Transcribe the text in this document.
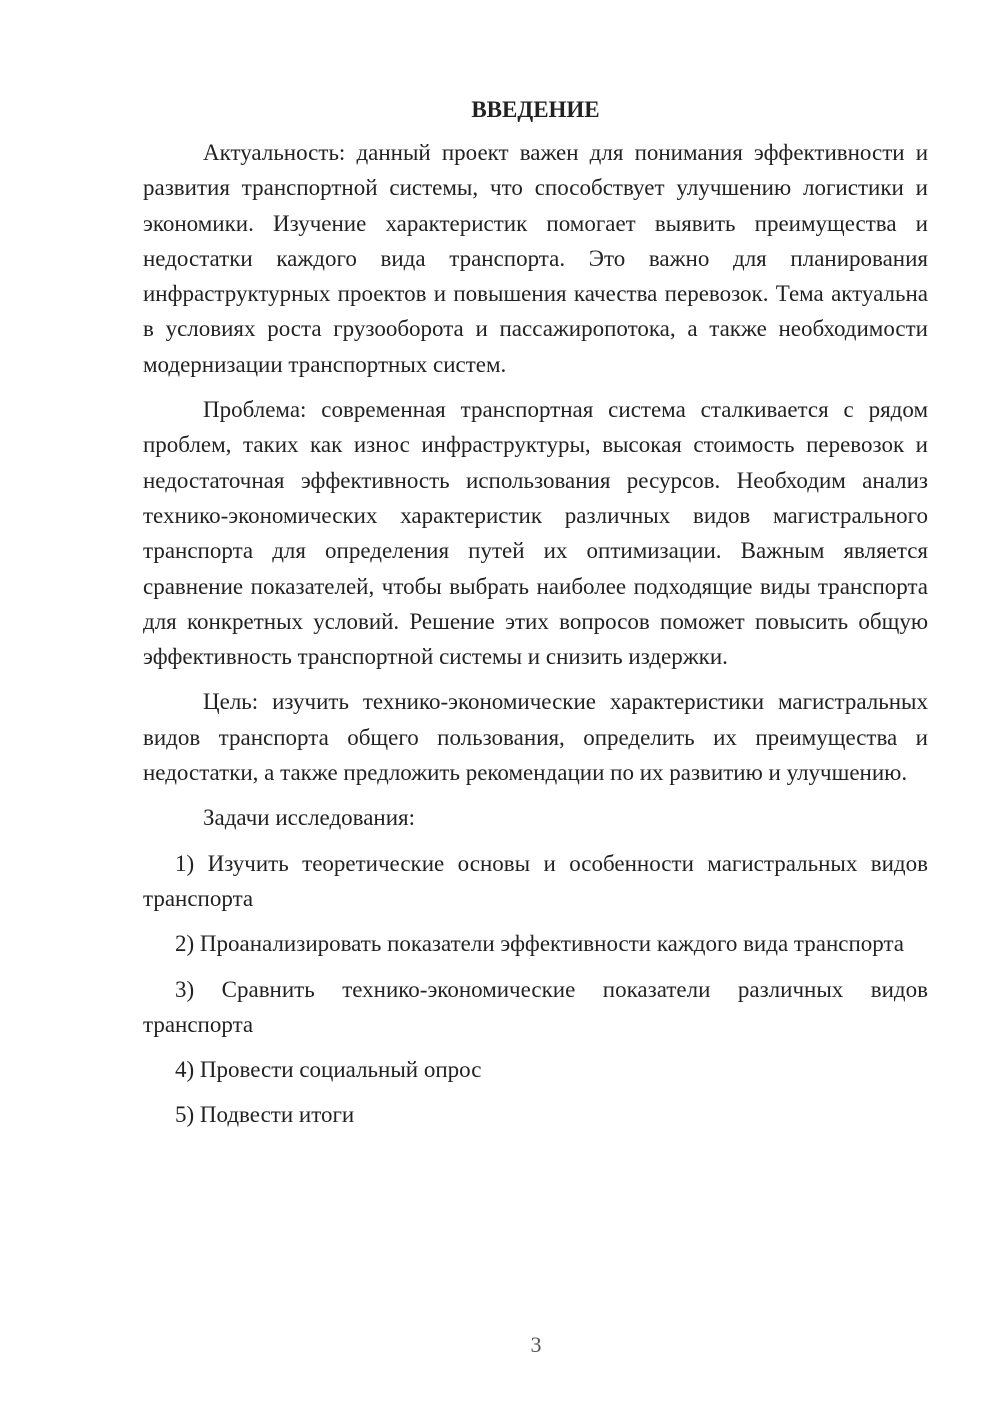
ВВЕДЕНИЕ

Актуальность: данный проект важен для понимания эффективности и развития транспортной системы, что способствует улучшению логистики и экономики. Изучение характеристик помогает выявить преимущества и недостатки каждого вида транспорта. Это важно для планирования инфраструктурных проектов и повышения качества перевозок. Тема актуальна в условиях роста грузооборота и пассажиропотока, а также необходимости модернизации транспортных систем.

Проблема: современная транспортная система сталкивается с рядом проблем, таких как износ инфраструктуры, высокая стоимость перевозок и недостаточная эффективность использования ресурсов. Необходим анализ технико-экономических характеристик различных видов магистрального транспорта для определения путей их оптимизации. Важным является сравнение показателей, чтобы выбрать наиболее подходящие виды транспорта для конкретных условий. Решение этих вопросов поможет повысить общую эффективность транспортной системы и снизить издержки.

Цель: изучить технико-экономические характеристики магистральных видов транспорта общего пользования, определить их преимущества и недостатки, а также предложить рекомендации по их развитию и улучшению.

Задачи исследования:

1) Изучить теоретические основы и особенности магистральных видов транспорта

2) Проанализировать показатели эффективности каждого вида транспорта

3) Сравнить технико-экономические показатели различных видов транспорта

4) Провести социальный опрос

5) Подвести итоги

3
